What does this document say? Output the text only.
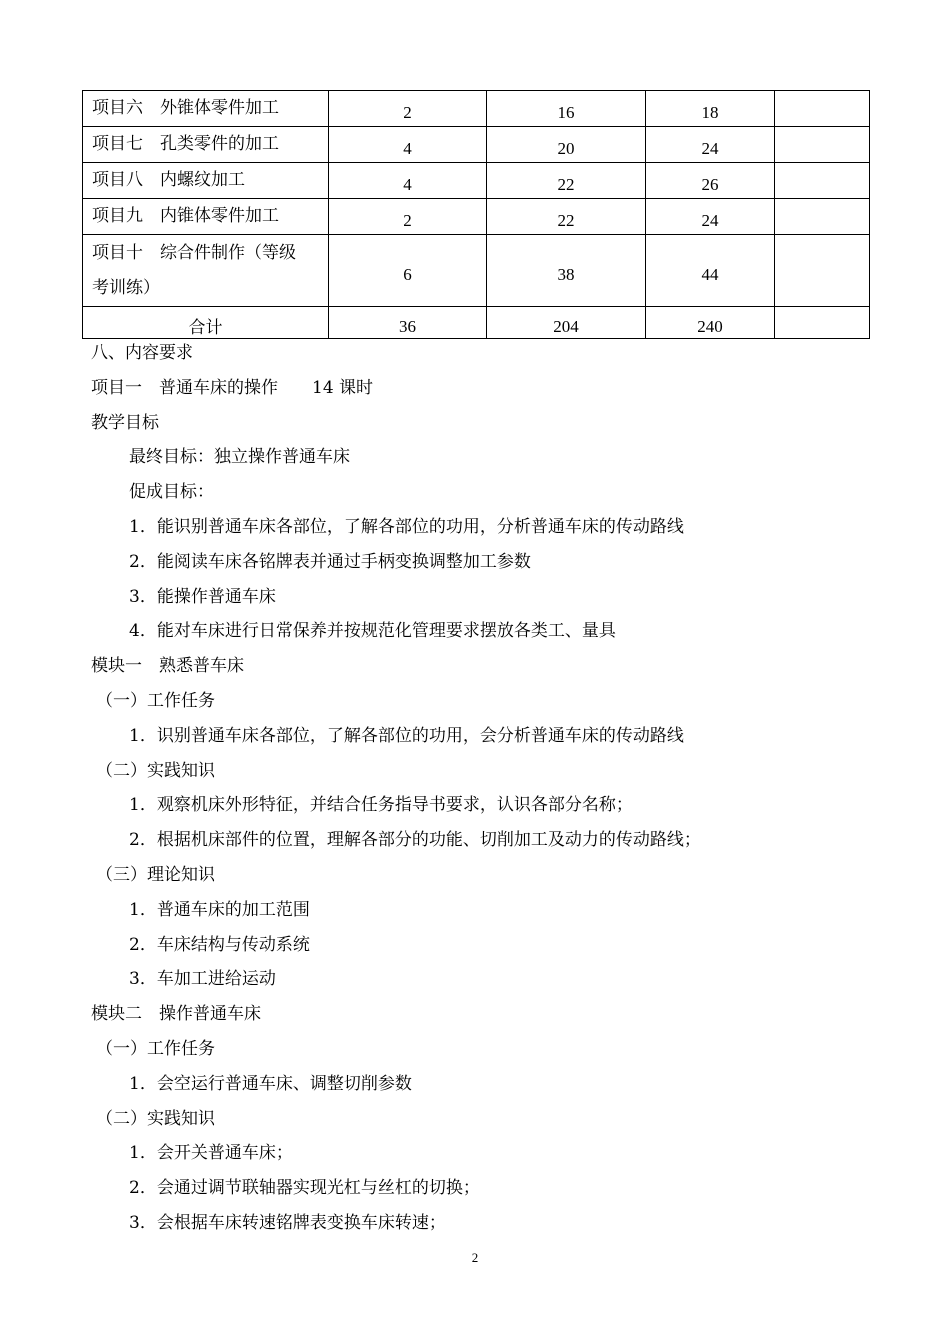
项目六　外锥体零件加工	2	16	18	
项目七　孔类零件的加工	4	20	24	
项目八　内螺纹加工	4	22	26	
项目九　内锥体零件加工	2	22	24	

项目十　综合件制作（等级
考训练）	6	38	44	
合计	36	204	240	
八、内容要求
项目一　普通车床的操作　　14 课时
教学目标
最终目标：独立操作普通车床
促成目标：
1．能识别普通车床各部位，了解各部位的功用，分析普通车床的传动路线
2．能阅读车床各铭牌表并通过手柄变换调整加工参数
3．能操作普通车床
4．能对车床进行日常保养并按规范化管理要求摆放各类工、量具
模块一　熟悉普车床
（一）工作任务
1．识别普通车床各部位，了解各部位的功用，会分析普通车床的传动路线
（二）实践知识
1．观察机床外形特征，并结合任务指导书要求，认识各部分名称；
2．根据机床部件的位置，理解各部分的功能、切削加工及动力的传动路线；
（三）理论知识
1．普通车床的加工范围
2．车床结构与传动系统
3．车加工进给运动
模块二　操作普通车床
（一）工作任务
1．会空运行普通车床、调整切削参数
（二）实践知识
1．会开关普通车床；
2．会通过调节联轴器实现光杠与丝杠的切换；
3．会根据车床转速铭牌表变换车床转速；
2
